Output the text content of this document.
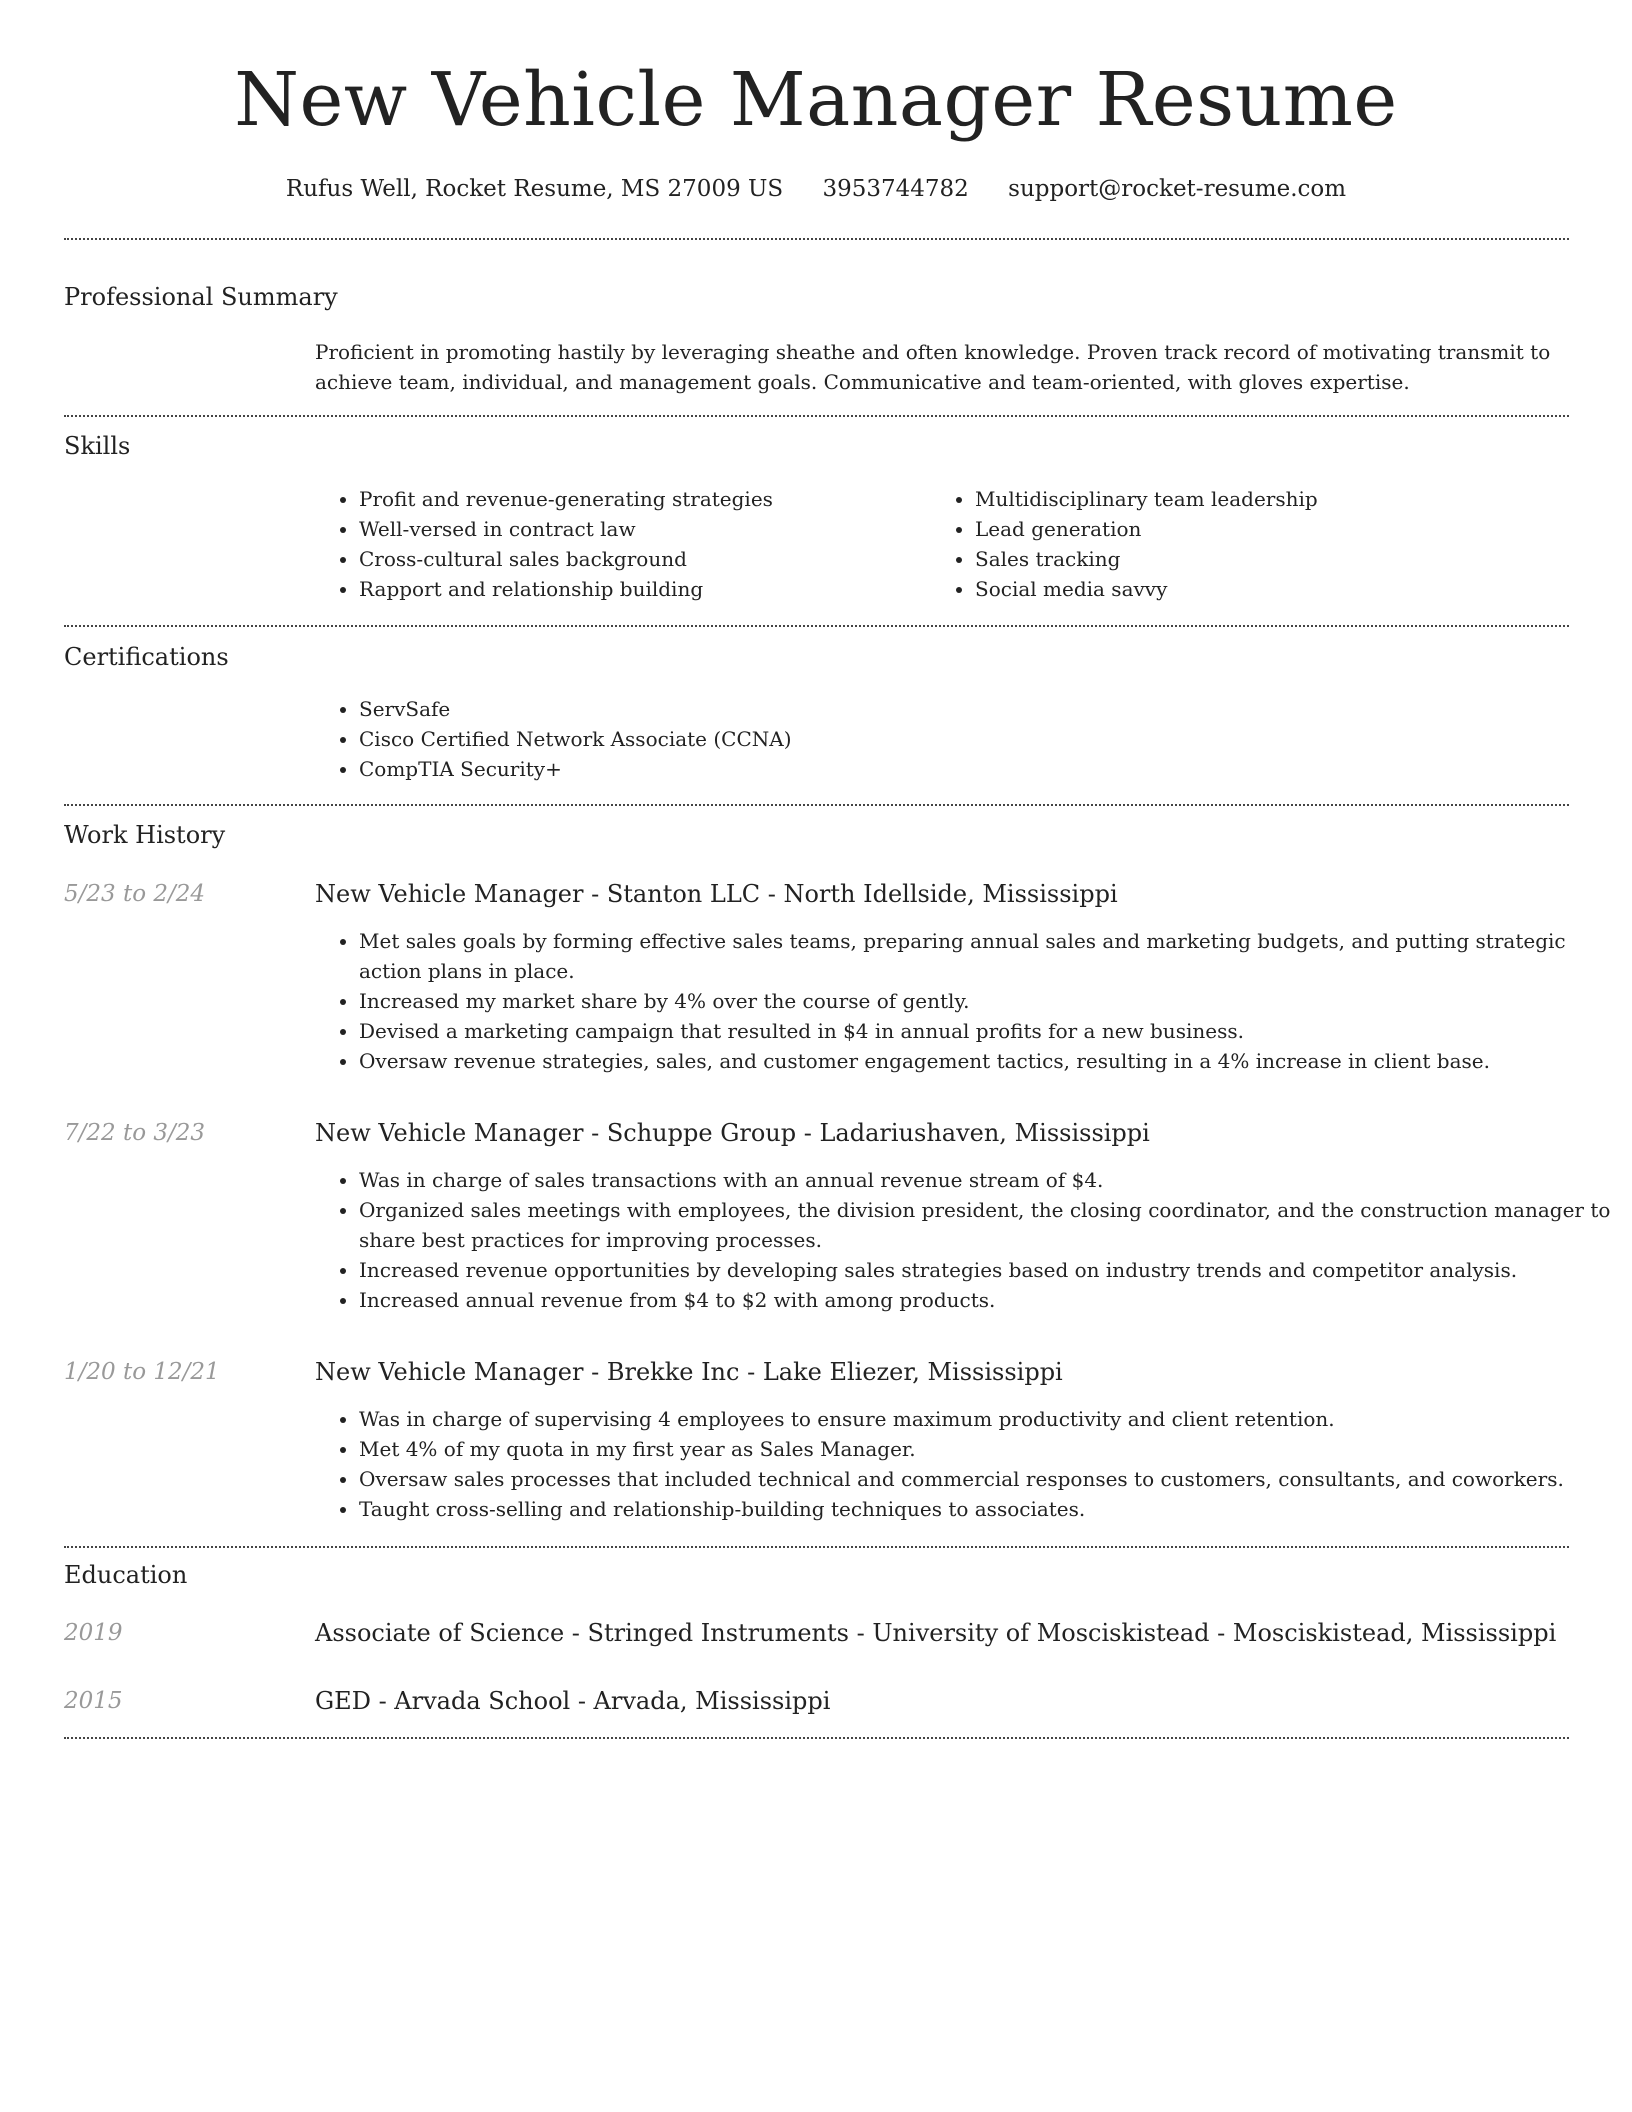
New Vehicle Manager Resume
Rufus Well, Rocket Resume, MS 27009 US 3953744782 support@rocket-resume.com
Professional Summary
Proficient in promoting hastily by leveraging sheathe and often knowledge. Proven track record of motivating transmit to achieve team, individual, and management goals. Communicative and team-oriented, with gloves expertise.
Skills
• Profit and revenue-generating strategies
• Well-versed in contract law
• Cross-cultural sales background
• Rapport and relationship building
• Multidisciplinary team leadership
• Lead generation
• Sales tracking
• Social media savvy
Certifications
• ServSafe
• Cisco Certified Network Associate (CCNA)
• CompTIA Security+
Work History
5/23 to 2/24	New Vehicle Manager - Stanton LLC - North Idellside, Mississippi
• Met sales goals by forming effective sales teams, preparing annual sales and marketing budgets, and putting strategic action plans in place.
• Increased my market share by 4% over the course of gently.
• Devised a marketing campaign that resulted in $4 in annual profits for a new business.
• Oversaw revenue strategies, sales, and customer engagement tactics, resulting in a 4% increase in client base.
7/22 to 3/23	New Vehicle Manager - Schuppe Group - Ladariushaven, Mississippi
• Was in charge of sales transactions with an annual revenue stream of $4.
• Organized sales meetings with employees, the division president, the closing coordinator, and the construction manager to share best practices for improving processes.
• Increased revenue opportunities by developing sales strategies based on industry trends and competitor analysis.
• Increased annual revenue from $4 to $2 with among products.
1/20 to 12/21	New Vehicle Manager - Brekke Inc - Lake Eliezer, Mississippi
• Was in charge of supervising 4 employees to ensure maximum productivity and client retention.
• Met 4% of my quota in my first year as Sales Manager.
• Oversaw sales processes that included technical and commercial responses to customers, consultants, and coworkers.
• Taught cross-selling and relationship-building techniques to associates.
Education
2019	Associate of Science - Stringed Instruments - University of Mosciskistead - Mosciskistead, Mississippi
2015	GED - Arvada School - Arvada, Mississippi
